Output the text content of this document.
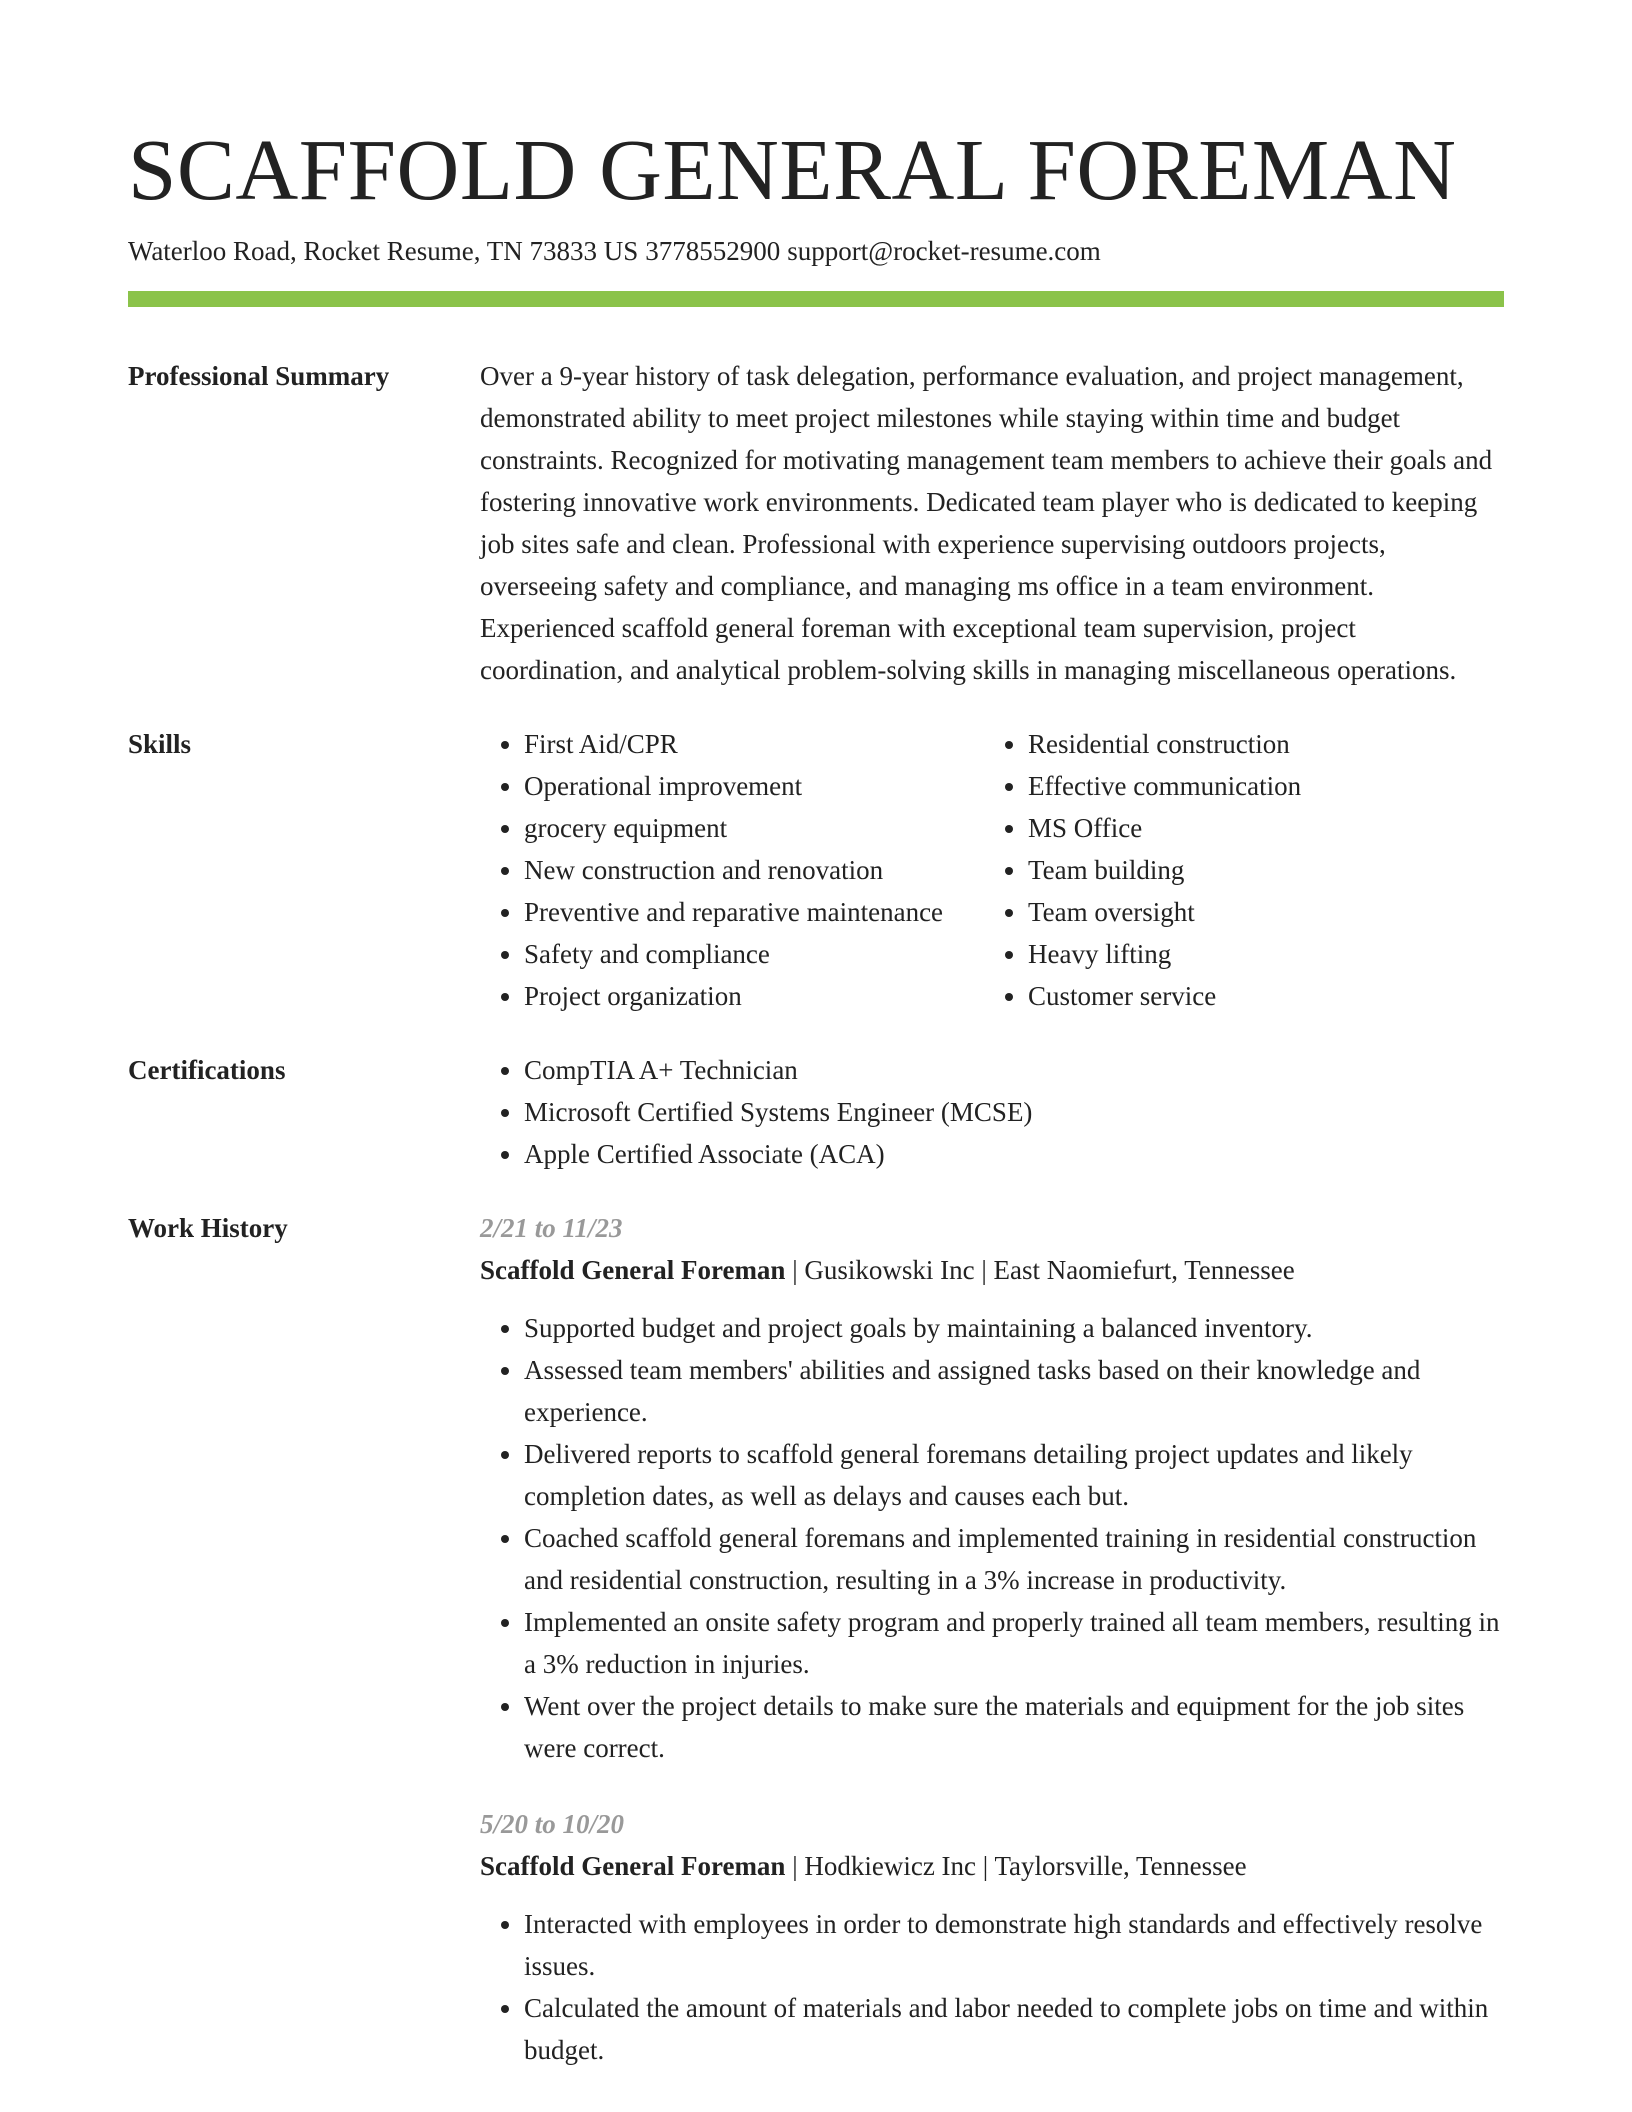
SCAFFOLD GENERAL FOREMAN
Waterloo Road, Rocket Resume, TN 73833 US 3778552900 support@rocket-resume.com
Professional Summary	Over a 9-year history of task delegation, performance evaluation, and project management, demonstrated ability to meet project milestones while staying within time and budget constraints. Recognized for motivating management team members to achieve their goals and fostering innovative work environments. Dedicated team player who is dedicated to keeping job sites safe and clean. Professional with experience supervising outdoors projects, overseeing safety and compliance, and managing ms office in a team environment. Experienced scaffold general foreman with exceptional team supervision, project coordination, and analytical problem-solving skills in managing miscellaneous operations.

Skills	• First Aid/CPR
• Operational improvement
• grocery equipment
• New construction and renovation
• Preventive and reparative maintenance
• Safety and compliance
• Project organization
• Residential construction
• Effective communication
• MS Office
• Team building
• Team oversight
• Heavy lifting
• Customer service
Certifications	• CompTIA A+ Technician
• Microsoft Certified Systems Engineer (MCSE)
• Apple Certified Associate (ACA)
Work History	2/21 to 11/23
Scaffold General Foreman | Gusikowski Inc | East Naomiefurt, Tennessee
• Supported budget and project goals by maintaining a balanced inventory.
• Assessed team members' abilities and assigned tasks based on their knowledge and experience.
• Delivered reports to scaffold general foremans detailing project updates and likely completion dates, as well as delays and causes each but.
• Coached scaffold general foremans and implemented training in residential construction and residential construction, resulting in a 3% increase in productivity.
• Implemented an onsite safety program and properly trained all team members, resulting in a 3% reduction in injuries.
• Went over the project details to make sure the materials and equipment for the job sites were correct.
5/20 to 10/20
Scaffold General Foreman | Hodkiewicz Inc | Taylorsville, Tennessee
• Interacted with employees in order to demonstrate high standards and effectively resolve issues.
• Calculated the amount of materials and labor needed to complete jobs on time and within budget.
